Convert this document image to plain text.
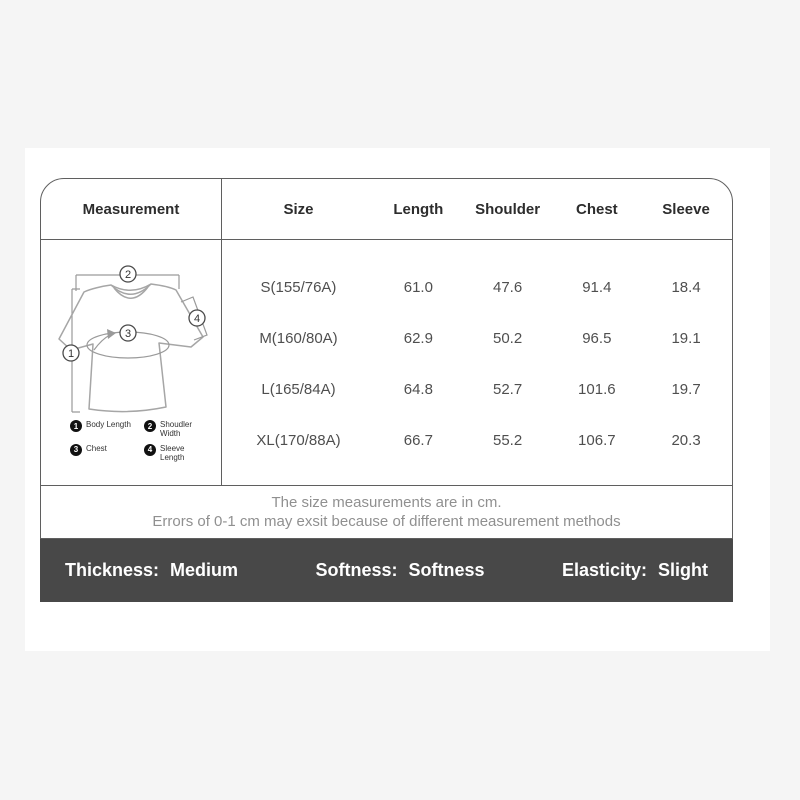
Measurement
2
1
3
4
1 Body Length	2 Shoudler Width
3 Chest	4 Sleeve Length
Size	Length	Shoulder	Chest	Sleeve
S(155/76A)	61.0	47.6	91.4	18.4
M(160/80A)	62.9	50.2	96.5	19.1
L(165/84A)	64.8	52.7	101.6	19.7
XL(170/88A)	66.7	55.2	106.7	20.3
The size measurements are in cm.
Errors of 0-1 cm may exsit because of different measurement methods
Thickness: Medium	Softness: Softness	Elasticity: Slight
